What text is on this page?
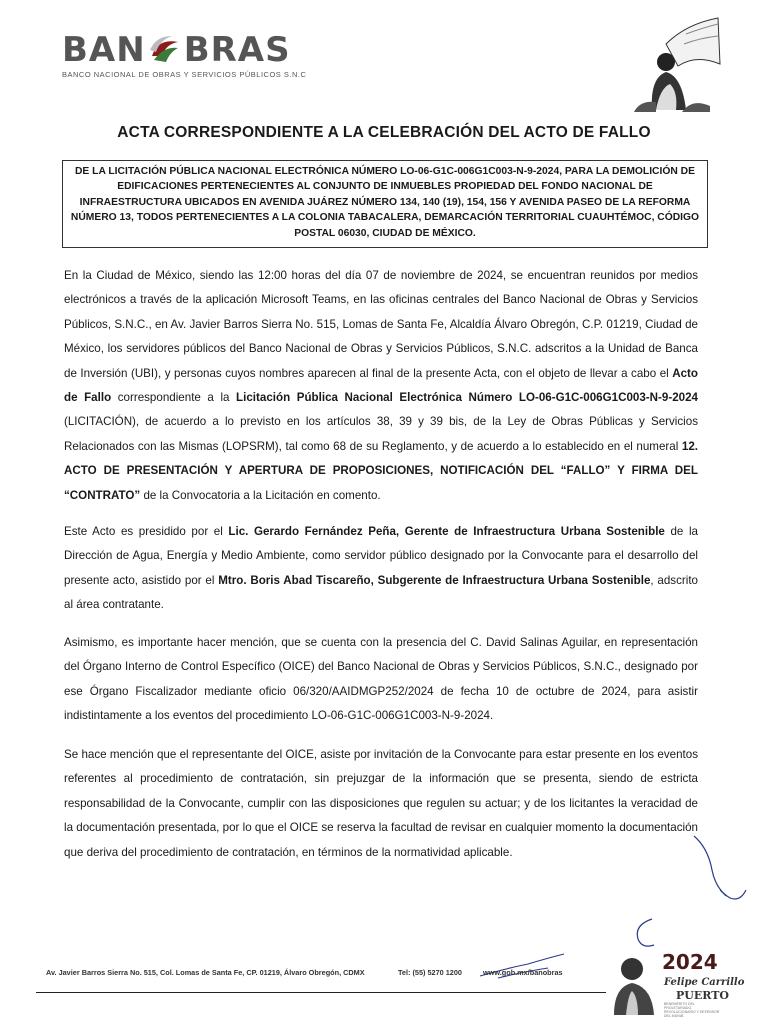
BAN BRAS
BANCO NACIONAL DE OBRAS Y SERVICIOS PÚBLICOS S.N.C
ACTA CORRESPONDIENTE A LA CELEBRACIÓN DEL ACTO DE FALLO
DE LA LICITACIÓN PÚBLICA NACIONAL ELECTRÓNICA NÚMERO LO-06-G1C-006G1C003-N-9-2024, PARA LA DEMOLICIÓN DE EDIFICACIONES PERTENECIENTES AL CONJUNTO DE INMUEBLES PROPIEDAD DEL FONDO NACIONAL DE INFRAESTRUCTURA UBICADOS EN AVENIDA JUÁREZ NÚMERO 134, 140 (19), 154, 156 Y AVENIDA PASEO DE LA REFORMA NÚMERO 13, TODOS PERTENECIENTES A LA COLONIA TABACALERA, DEMARCACIÓN TERRITORIAL CUAUHTÉMOC, CÓDIGO POSTAL 06030, CIUDAD DE MÉXICO.
En la Ciudad de México, siendo las 12:00 horas del día 07 de noviembre de 2024, se encuentran reunidos por medios electrónicos a través de la aplicación Microsoft Teams, en las oficinas centrales del Banco Nacional de Obras y Servicios Públicos, S.N.C., en Av. Javier Barros Sierra No. 515, Lomas de Santa Fe, Alcaldía Álvaro Obregón, C.P. 01219, Ciudad de México, los servidores públicos del Banco Nacional de Obras y Servicios Públicos, S.N.C. adscritos a la Unidad de Banca de Inversión (UBI), y personas cuyos nombres aparecen al final de la presente Acta, con el objeto de llevar a cabo el Acto de Fallo correspondiente a la Licitación Pública Nacional Electrónica Número LO-06-G1C-006G1C003-N-9-2024 (LICITACIÓN), de acuerdo a lo previsto en los artículos 38, 39 y 39 bis, de la Ley de Obras Públicas y Servicios Relacionados con las Mismas (LOPSRM), tal como 68 de su Reglamento, y de acuerdo a lo establecido en el numeral 12. ACTO DE PRESENTACIÓN Y APERTURA DE PROPOSICIONES, NOTIFICACIÓN DEL “FALLO” Y FIRMA DEL “CONTRATO” de la Convocatoria a la Licitación en comento.
Este Acto es presidido por el Lic. Gerardo Fernández Peña, Gerente de Infraestructura Urbana Sostenible de la Dirección de Agua, Energía y Medio Ambiente, como servidor público designado por la Convocante para el desarrollo del presente acto, asistido por el Mtro. Boris Abad Tiscareño, Subgerente de Infraestructura Urbana Sostenible, adscrito al área contratante.
Asimismo, es importante hacer mención, que se cuenta con la presencia del C. David Salinas Aguilar, en representación del Órgano Interno de Control Específico (OICE) del Banco Nacional de Obras y Servicios Públicos, S.N.C., designado por ese Órgano Fiscalizador mediante oficio 06/320/AAIDMGP252/2024 de fecha 10 de octubre de 2024, para asistir indistintamente a los eventos del procedimiento LO-06-G1C-006G1C003-N-9-2024.
Se hace mención que el representante del OICE, asiste por invitación de la Convocante para estar presente en los eventos referentes al procedimiento de contratación, sin prejuzgar de la información que se presenta, siendo de estricta responsabilidad de la Convocante, cumplir con las disposiciones que regulen su actuar; y de los licitantes la veracidad de la documentación presentada, por lo que el OICE se reserva la facultad de revisar en cualquier momento la documentación que deriva del procedimiento de contratación, en términos de la normatividad aplicable.
Av. Javier Barros Sierra No. 515, Col. Lomas de Santa Fe, CP. 01219, Álvaro Obregón, CDMX	Tel: (55) 5270 1200	www.gob.mx/banobras	2024
Felipe Carrillo
PUERTO
BENEMÉRITO DEL PROLETARIADO, REVOLUCIONARIO Y DEFENSOR DEL MAYAB
